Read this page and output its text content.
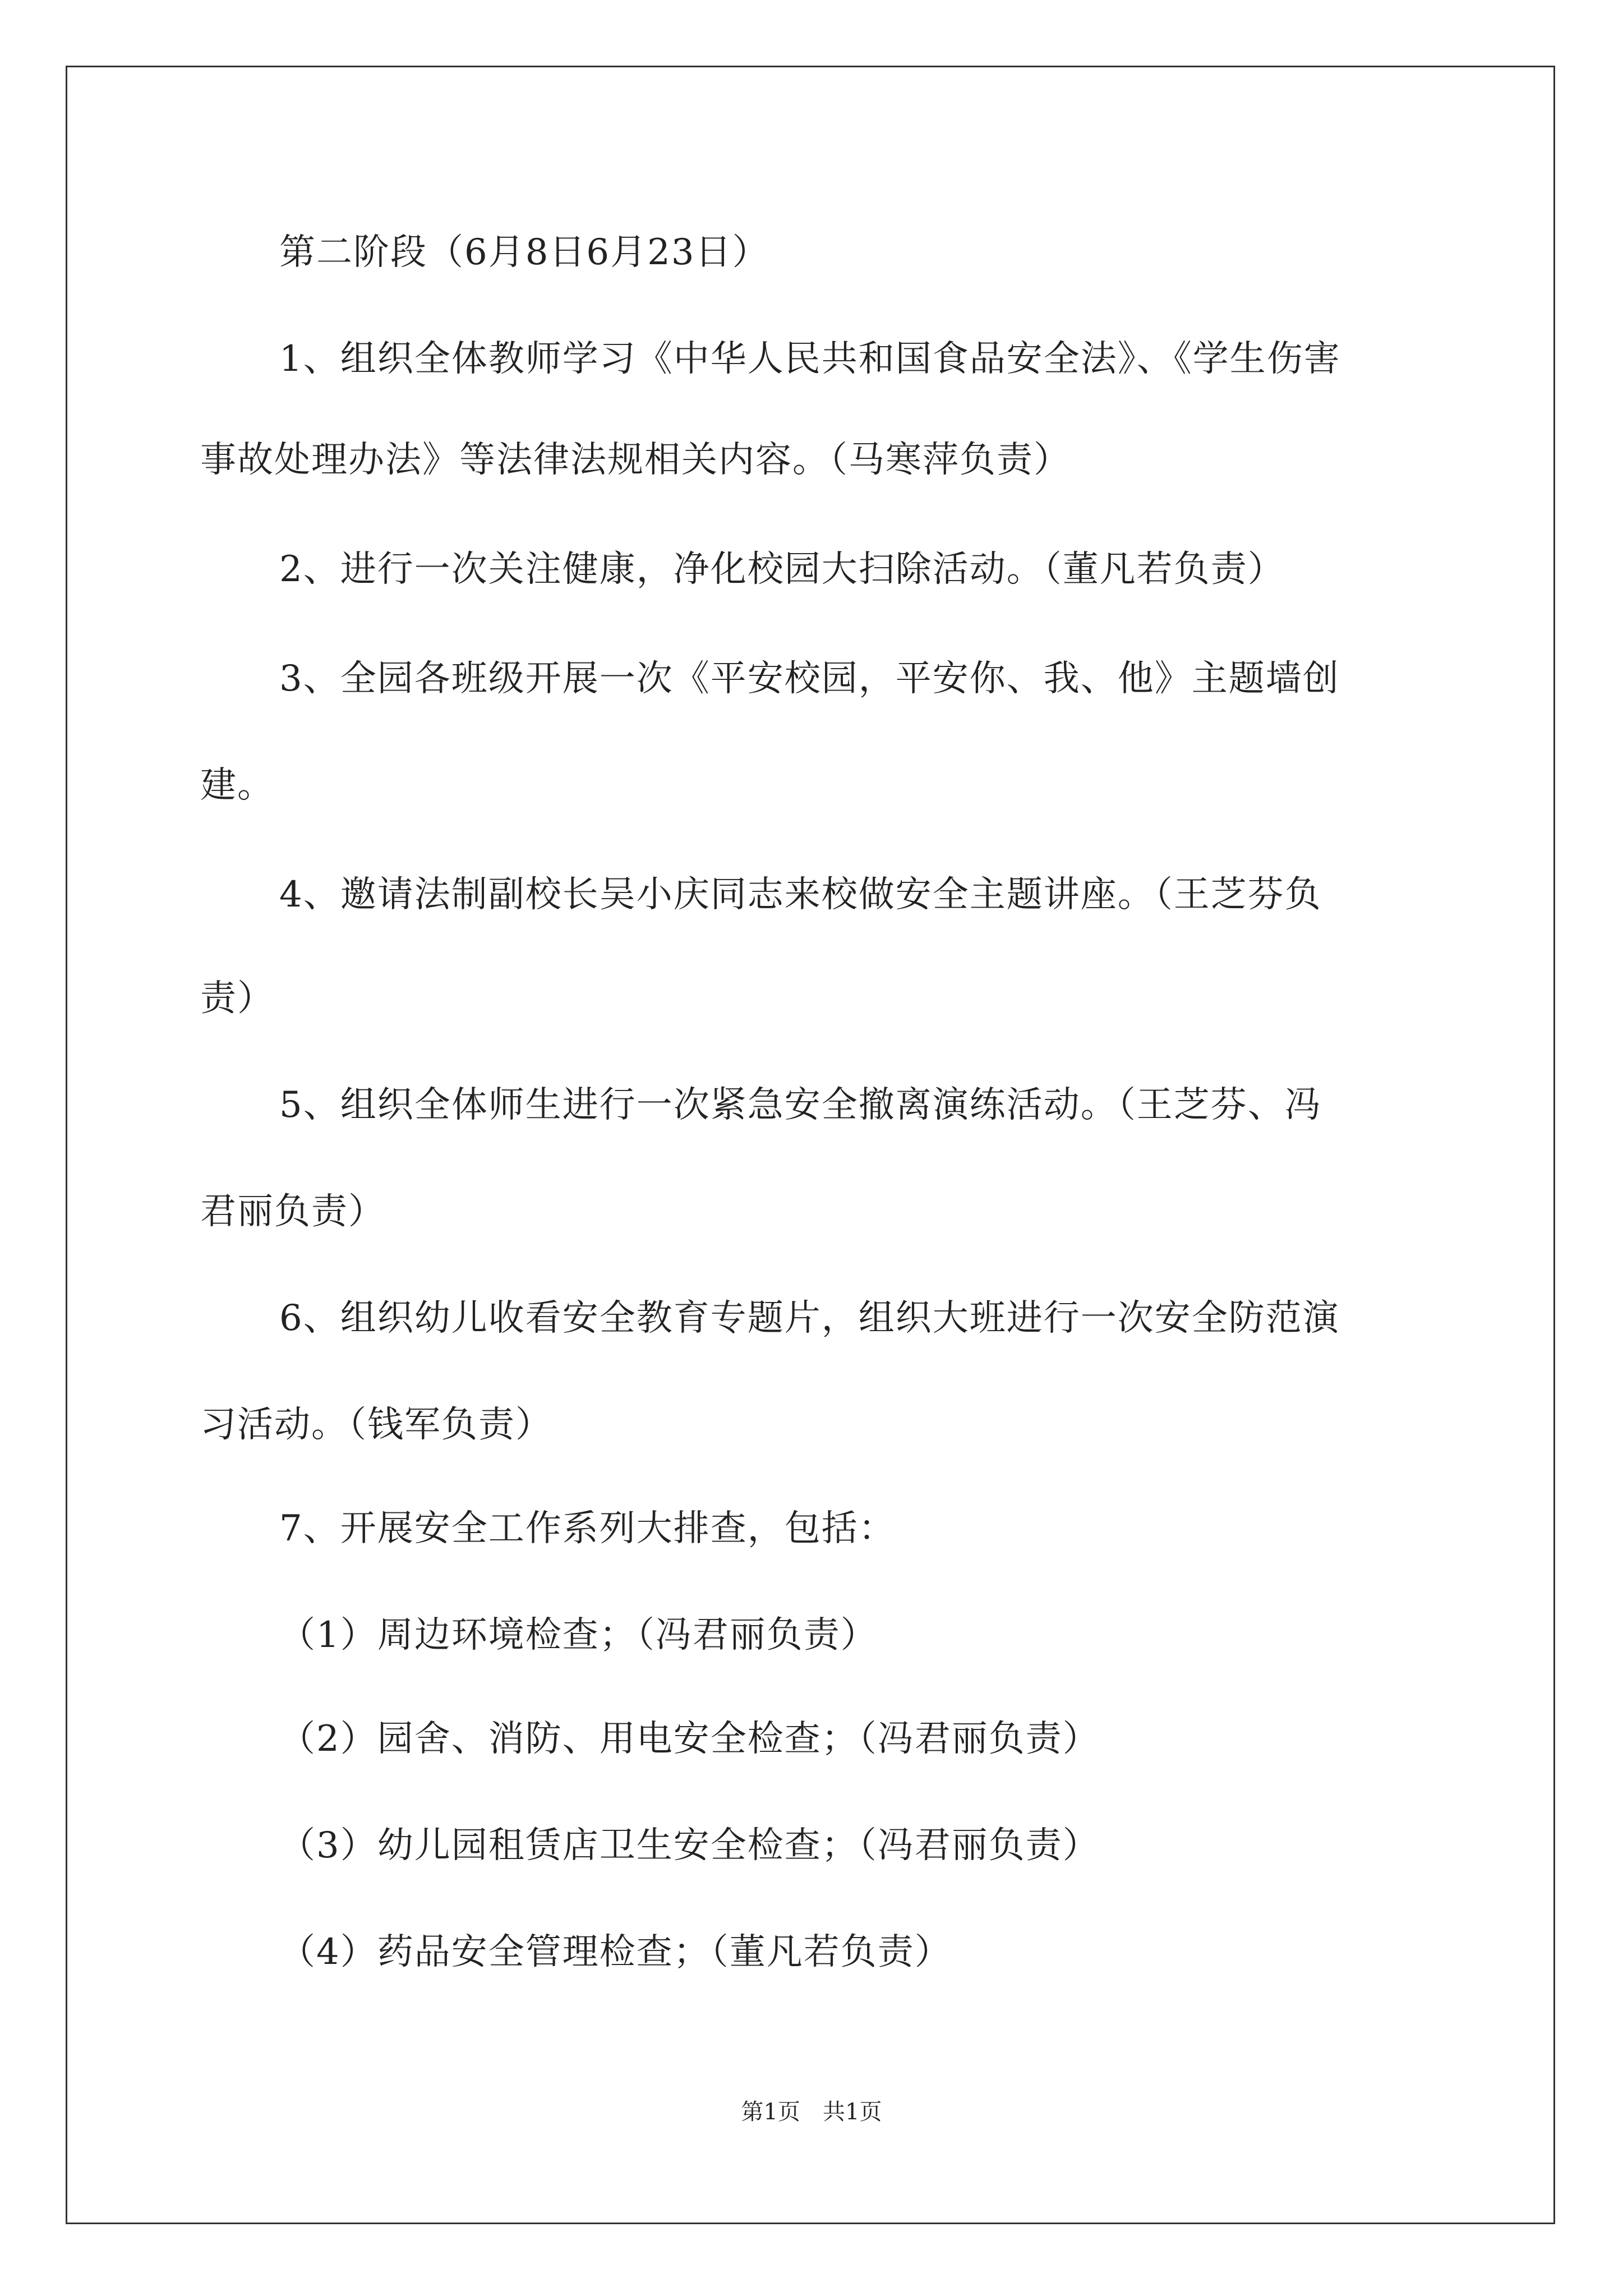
第二阶段（6月8日6月23日）
1、组织全体教师学习《中华人民共和国食品安全法》、《学生伤害
事故处理办法》等法律法规相关内容。（马寒萍负责）
2、进行一次关注健康，净化校园大扫除活动。（董凡若负责）
3、全园各班级开展一次《平安校园，平安你、我、他》主题墙创
建。
4、邀请法制副校长吴小庆同志来校做安全主题讲座。（王芝芬负
责）
5、组织全体师生进行一次紧急安全撤离演练活动。（王芝芬、冯
君丽负责）
6、组织幼儿收看安全教育专题片，组织大班进行一次安全防范演
习活动。（钱军负责）
7、开展安全工作系列大排查，包括：
（1）周边环境检查；（冯君丽负责）
（2）园舍、消防、用电安全检查；（冯君丽负责）
（3）幼儿园租赁店卫生安全检查；（冯君丽负责）
（4）药品安全管理检查；（董凡若负责）
第1页　共1页
